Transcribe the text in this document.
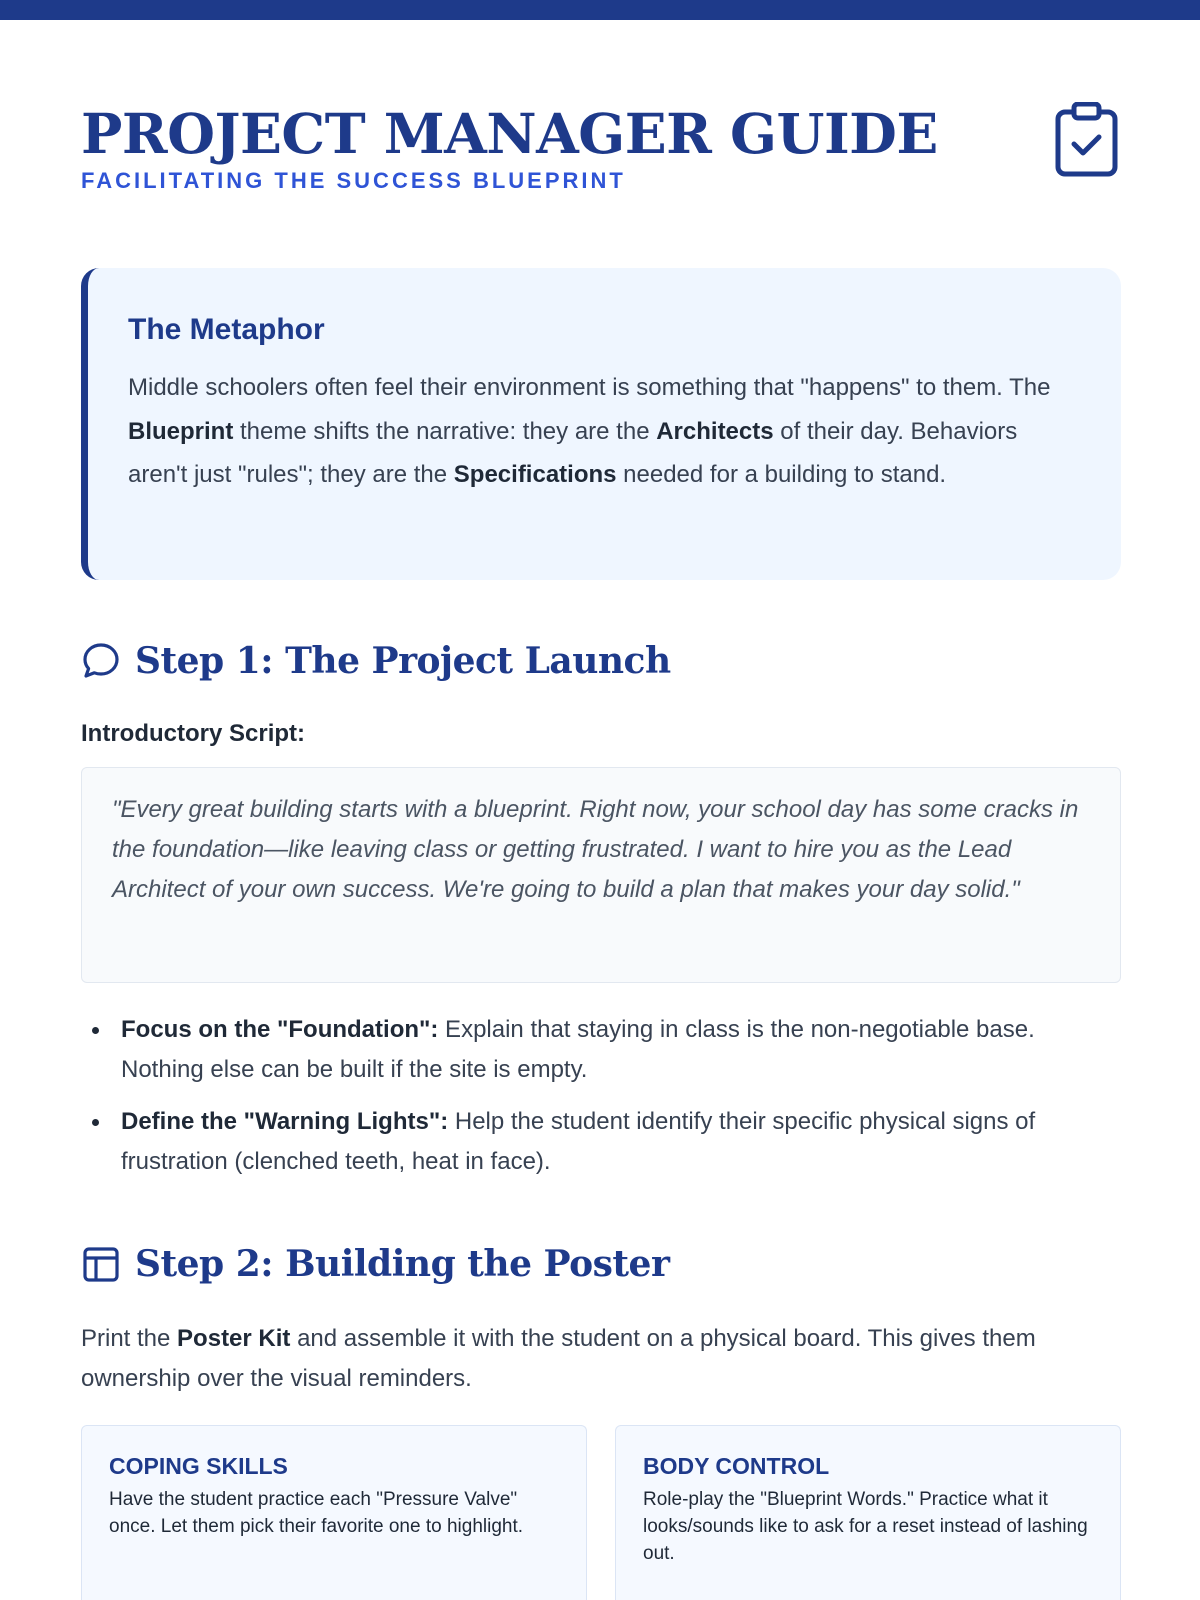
PROJECT MANAGER GUIDE
FACILITATING THE SUCCESS BLUEPRINT
The Metaphor

Middle schoolers often feel their environment is something that "happens" to them. The Blueprint theme shifts the narrative: they are the Architects of their day. Behaviors aren't just "rules"; they are the Specifications needed for a building to stand.

Step 1: The Project Launch
Introductory Script:

"Every great building starts with a blueprint. Right now, your school day has some cracks in the foundation—like leaving class or getting frustrated. I want to hire you as the Lead Architect of your own success. We're going to build a plan that makes your day solid."

Focus on the "Foundation": Explain that staying in class is the non-negotiable base. Nothing else can be built if the site is empty.
Define the "Warning Lights": Help the student identify their specific physical signs of frustration (clenched teeth, heat in face).
Step 2: Building the Poster

Print the Poster Kit and assemble it with the student on a physical board. This gives them ownership over the visual reminders.

COPING SKILLS

Have the student practice each "Pressure Valve" once. Let them pick their favorite one to highlight.

BODY CONTROL

Role-play the "Blueprint Words." Practice what it looks/sounds like to ask for a reset instead of lashing out.
